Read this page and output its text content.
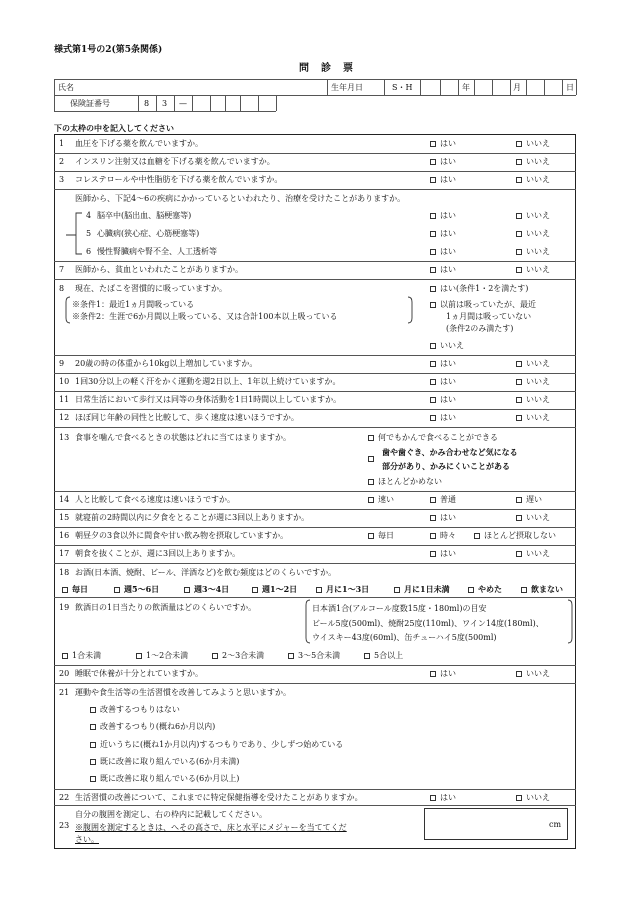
様式第1号の2(第5条関係)
問　診　票
氏名	生年月日	S・H	年	月	日
保険証番号	8 3 —
下の太枠の中を記入してください
1 血圧を下げる薬を飲んでいますか。	はい	いいえ
2 インスリン注射又は血糖を下げる薬を飲んでいますか。	はい	いいえ
3 コレステロールや中性脂肪を下げる薬を飲んでいますか。	はい	いいえ
医師から、下記4～6の疾病にかかっているといわれたり、治療を受けたことがありますか。
4 脳卒中(脳出血、脳梗塞等)	はい	いいえ
5 心臓病(狭心症、心筋梗塞等)	はい	いいえ
6 慢性腎臓病や腎不全、人工透析等	はい	いいえ
7 医師から、貧血といわれたことがありますか。	はい	いいえ
8 現在、たばこを習慣的に吸っていますか。
※条件1：最近1ヵ月間吸っている
※条件2：生涯で6か月間以上吸っている、又は合計100本以上吸っている
はい(条件1・2を満たす)
以前は吸っていたが、最近
1ヵ月間は吸っていない
(条件2のみ満たす)
いいえ
9 20歳の時の体重から10kg以上増加していますか。	はい	いいえ
10 1回30分以上の軽く汗をかく運動を週2日以上、1年以上続けていますか。	はい	いいえ
11 日常生活において歩行又は同等の身体活動を1日1時間以上していますか。	はい	いいえ
12 ほぼ同じ年齢の同性と比較して、歩く速度は速いほうですか。	はい	いいえ
13 食事を噛んで食べるときの状態はどれに当てはまりますか。	何でもかんで食べることができる
歯や歯ぐき、かみ合わせなど気になる
部分があり、かみにくいことがある
ほとんどかめない
14 人と比較して食べる速度は速いほうですか。	速い	普通	遅い
15 就寝前の2時間以内に夕食をとることが週に3回以上ありますか。	はい	いいえ
16 朝昼夕の3食以外に間食や甘い飲み物を摂取していますか。	毎日	時々	ほとんど摂取しない
17 朝食を抜くことが、週に3回以上ありますか。	はい	いいえ
18 お酒(日本酒、焼酎、ビール、洋酒など)を飲む頻度はどのくらいですか。
毎日	週5～6日	週3～4日	週1～2日	月に1～3日	月に1日未満	やめた	飲まない
19 飲酒日の1日当たりの飲酒量はどのくらいですか。	日本酒1合(アルコール度数15度・180ml)の目安
ビール5度(500ml)、焼酎25度(110ml)、ワイン14度(180ml)、
ウイスキー43度(60ml)、缶チューハイ5度(500ml)
1合未満	1～2合未満	2～3合未満	3～5合未満	5合以上
20 睡眠で休養が十分とれていますか。	はい	いいえ
21 運動や食生活等の生活習慣を改善してみようと思いますか。
改善するつもりはない
改善するつもり(概ね6か月以内)
近いうちに(概ね1か月以内)するつもりであり、少しずつ始めている
既に改善に取り組んでいる(6か月未満)
既に改善に取り組んでいる(6か月以上)
22 生活習慣の改善について、これまでに特定保健指導を受けたことがありますか。	はい	いいえ
23
自分の腹囲を測定し、右の枠内に記載してください。
※腹囲を測定するときは、へその高さで、床と水平にメジャーを当ててくだ
さい。
cm
